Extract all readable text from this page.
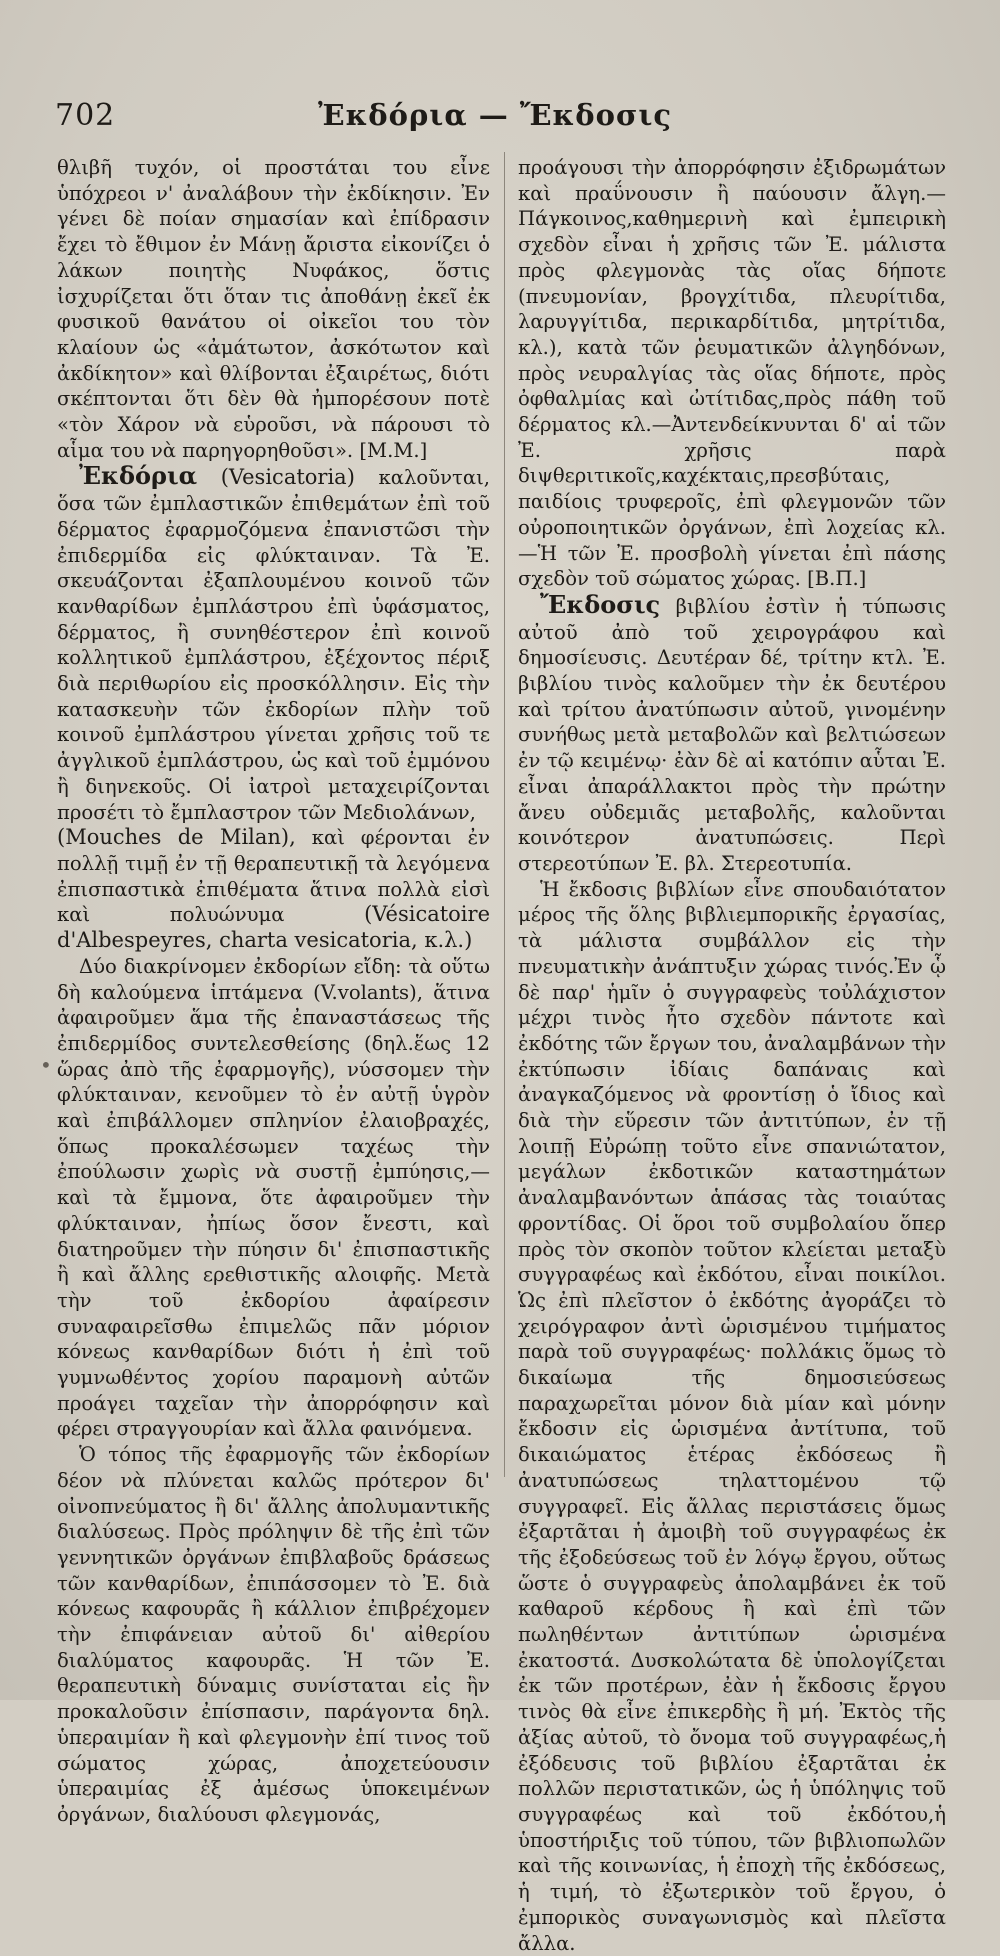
702	Ἐκδόρια — Ἔκδοσις
•

θλιβῆ τυχόν, οἱ προστάται του εἶνε ὑπόχρεοι ν' ἀναλάβουν τὴν ἐκδίκησιν. Ἐν γένει δὲ ποίαν σημασίαν καὶ ἐπίδρασιν ἔχει τὸ ἔθιμον ἐν Μάνῃ ἄριστα εἰκονίζει ὁ λάκων ποιητὴς Νυφάκος, ὅστις ἰσχυρίζεται ὅτι ὅταν τις ἀποθάνῃ ἐκεῖ ἐκ φυσικοῦ θανάτου οἱ οἰκεῖοι του τὸν κλαίουν ὡς «ἀμάτωτον, ἀσκότωτον καὶ ἀκδίκητον» καὶ θλίβονται ἐξαιρέτως, διότι σκέπτονται ὅτι δὲν θὰ ἠμπορέσουν ποτὲ «τὸν Χάρον νὰ εὑροῦσι, νὰ πάρουσι τὸ αἷμα του νὰ παρηγορηθοῦσι». [Μ.Μ.]

Ἐκδόρια (Vesicatoria) καλοῦνται, ὅσα τῶν ἐμπλαστικῶν ἐπιθεμάτων ἐπὶ τοῦ δέρματος ἐφαρμοζόμενα ἐπανιστῶσι τὴν ἐπιδερμίδα εἰς φλύκταιναν. Τὰ Ἐ. σκευάζονται ἐξαπλουμένου κοινοῦ τῶν κανθαρίδων ἐμπλάστρου ἐπὶ ὑφάσματος, δέρματος, ἢ συνηθέστερον ἐπὶ κοινοῦ κολλητικοῦ ἐμπλάστρου, ἐξέχοντος πέριξ διὰ περιθωρίου εἰς προσκόλλησιν. Εἰς τὴν κατασκευὴν τῶν ἐκδορίων πλὴν τοῦ κοινοῦ ἐμπλάστρου γίνεται χρῆσις τοῦ τε ἀγγλικοῦ ἐμπλάστρου, ὡς καὶ τοῦ ἐμμόνου ἢ διηνεκοῦς. Οἱ ἰατροὶ μεταχειρίζονται προσέτι τὸ ἔμπλαστρον τῶν Μεδιολάνων,
(Mouches de Milan), καὶ φέρονται ἐν πολλῇ τιμῇ ἐν τῇ θεραπευτικῇ τὰ λεγόμενα ἐπισπαστικὰ ἐπιθέματα ἅτινα πολλὰ εἰσὶ καὶ πολυώνυμα	(Vésicatoire d'Albespeyres, charta vesicatoria, κ.λ.)

Δύο διακρίνομεν ἐκδορίων εἴδη: τὰ οὕτω δὴ καλούμενα ἱπτάμενα (V.volants), ἅτινα ἀφαιροῦμεν ἅμα τῆς ἐπαναστάσεως τῆς ἐπιδερμίδος συντελεσθείσης (δηλ.ἕως 12 ὥρας ἀπὸ τῆς ἐφαρμογῆς), νύσσομεν τὴν φλύκταιναν, κενοῦμεν τὸ ἐν αὐτῇ ὑγρὸν καὶ ἐπιβάλλομεν σπληνίον ἐλαιοβραχές, ὅπως προκαλέσωμεν ταχέως τὴν ἐπούλωσιν χωρὶς νὰ συστῇ ἐμπύησις,— καὶ τὰ ἔμμονα, ὅτε ἀφαιροῦμεν τὴν φλύκταιναν, ἠπίως ὅσον ἔνεστι, καὶ διατηροῦμεν τὴν πύησιν δι' ἐπισπαστικῆς ἢ καὶ ἄλλης ερεθιστικῆς αλοιφῆς. Μετὰ τὴν τοῦ ἐκδορίου ἀφαίρεσιν συναφαιρεῖσθω ἐπιμελῶς πᾶν μόριον κόνεως κανθαρίδων διότι ἡ ἐπὶ τοῦ γυμνωθέντος χορίου παραμονὴ αὐτῶν προάγει ταχεῖαν τὴν ἀπορρόφησιν καὶ φέρει στραγγουρίαν καὶ ἄλλα φαινόμενα.

Ὁ τόπος τῆς ἐφαρμογῆς τῶν ἐκδορίων δέον νὰ πλύνεται καλῶς πρότερον δι' οἰνοπνεύματος ἢ δι' ἄλλης ἀπολυμαντικῆς διαλύσεως. Πρὸς πρόληψιν δὲ τῆς ἐπὶ τῶν γεννητικῶν ὀργάνων ἐπιβλαβοῦς δράσεως τῶν κανθαρίδων, ἐπιπάσσομεν τὸ Ἐ. διὰ κόνεως καφουρᾶς ἢ κάλλιον ἐπιβρέχομεν τὴν ἐπιφάνειαν αὐτοῦ δι' αἰθερίου διαλύματος καφουρᾶς. Ἡ τῶν Ἐ. θεραπευτικὴ δύναμις συνίσταται εἰς ἣν προκαλοῦσιν ἐπίσπασιν, παράγοντα δηλ. ὑπεραιμίαν ἢ καὶ φλεγμονὴν ἐπί τινος τοῦ σώματος χώρας, ἀποχετεύουσιν ὑπεραιμίας ἐξ ἀμέσως ὑποκειμένων ὀργάνων, διαλύουσι φλεγμονάς,

προάγουσι τὴν ἀπορρόφησιν ἐξιδρωμάτων καὶ πραΰνουσιν ἢ παύουσιν ἄλγη.—Πάγκοινος,καθημερινὴ καὶ ἐμπειρικὴ σχεδὸν εἶναι ἡ χρῆσις τῶν Ἐ. μάλιστα πρὸς φλεγμονὰς τὰς οἵας δήποτε (πνευμονίαν, βρογχίτιδα, πλευρίτιδα, λαρυγγίτιδα, περικαρδίτιδα, μητρίτιδα, κλ.), κατὰ τῶν ῥευματικῶν ἀλγηδόνων, πρὸς νευραλγίας τὰς οἵας δήποτε, πρὸς ὀφθαλμίας καὶ ὠτίτιδας,πρὸς πάθη τοῦ δέρματος κλ.—Ἀντενδείκνυνται δ' αἱ τῶν Ἐ. χρῆσις παρὰ διψθεριτικοῖς,καχέκταις,πρεσβύταις, παιδίοις τρυφεροῖς, ἐπὶ φλεγμονῶν τῶν οὐροποιητικῶν ὀργάνων, ἐπὶ λοχείας κλ.—Ἡ τῶν Ἐ. προσβολὴ γίνεται ἐπὶ πάσης σχεδὸν τοῦ σώματος χώρας. [Β.Π.]

Ἔκδοσις βιβλίου ἐστὶν ἡ τύπωσις αὐτοῦ ἀπὸ τοῦ χειρογράφου καὶ δημοσίευσις. Δευτέραν δέ, τρίτην κτλ. Ἐ. βιβλίου τινὸς καλοῦμεν τὴν ἐκ δευτέρου καὶ τρίτου ἀνατύπωσιν αὐτοῦ, γινομένην συνήθως μετὰ μεταβολῶν καὶ βελτιώσεων ἐν τῷ κειμένῳ· ἐὰν δὲ αἱ κατόπιν αὗται Ἐ. εἶναι ἀπαράλλακτοι πρὸς τὴν πρώτην ἄνευ οὐδεμιᾶς μεταβολῆς, καλοῦνται κοινότερον ἀνατυπώσεις. Περὶ στερεοτύπων Ἐ. βλ. Στερεοτυπία.

Ἡ ἔκδοσις βιβλίων εἶνε σπουδαιότατον μέρος τῆς ὅλης βιβλιεμπορικῆς ἐργασίας, τὰ μάλιστα συμβάλλον εἰς τὴν πνευματικὴν ἀνάπτυξιν χώρας τινός.Ἐν ᾧ δὲ παρ' ἡμῖν ὁ συγγραφεὺς τοὐλάχιστον μέχρι τινὸς ἦτο σχεδὸν πάντοτε καὶ ἐκδότης τῶν ἔργων του, ἀναλαμβάνων τὴν ἐκτύπωσιν ἰδίαις δαπάναις καὶ ἀναγκαζόμενος νὰ φροντίσῃ ὁ ἴδιος καὶ διὰ τὴν εὕρεσιν τῶν ἀντιτύπων, ἐν τῇ λοιπῇ Εὐρώπῃ τοῦτο εἶνε σπανιώτατον, μεγάλων ἐκδοτικῶν καταστημάτων ἀναλαμβανόντων ἁπάσας τὰς τοιαύτας φροντίδας. Οἱ ὅροι τοῦ συμβολαίου ὅπερ πρὸς τὸν σκοπὸν τοῦτον κλείεται μεταξὺ συγγραφέως καὶ ἐκδότου, εἶναι ποικίλοι. Ὡς ἐπὶ πλεῖστον ὁ ἐκδότης ἀγοράζει τὸ χειρόγραφον ἀντὶ ὡρισμένου τιμήματος παρὰ τοῦ συγγραφέως· πολλάκις ὅμως τὸ δικαίωμα τῆς δημοσιεύσεως παραχωρεῖται μόνον διὰ μίαν καὶ μόνην ἔκδοσιν εἰς ὡρισμένα ἀντίτυπα, τοῦ δικαιώματος ἑτέρας ἐκδόσεως ἢ ἀνατυπώσεως τηλαττομένου τῷ συγγραφεῖ. Εἰς ἄλλας περιστάσεις ὅμως ἐξαρτᾶται ἡ ἀμοιβὴ τοῦ συγγραφέως ἐκ τῆς ἐξοδεύσεως τοῦ ἐν λόγῳ ἔργου, οὕτως ὥστε ὁ συγγραφεὺς ἀπολαμβάνει ἐκ τοῦ καθαροῦ κέρδους ἢ καὶ ἐπὶ τῶν πωληθέντων ἀντιτύπων ὡρισμένα ἐκατοστά. Δυσκολώτατα δὲ ὑπολογίζεται ἐκ τῶν προτέρων, ἐὰν ἡ ἔκδοσις ἔργου τινὸς θὰ εἶνε ἐπικερδὴς ἢ μή. Ἐκτὸς τῆς ἀξίας αὐτοῦ, τὸ ὄνομα τοῦ συγγραφέως,ἡ ἐξόδευσις τοῦ βιβλίου ἐξαρτᾶται ἐκ πολλῶν περιστατικῶν, ὡς ἡ ὑπόληψις τοῦ συγγραφέως καὶ τοῦ ἐκδότου,ἡ ὑποστήριξις τοῦ τύπου, τῶν βιβλιοπωλῶν καὶ τῆς κοινωνίας, ἡ ἐποχὴ τῆς ἐκδόσεως, ἡ τιμή, τὸ ἐξωτερικὸν τοῦ ἔργου, ὁ ἐμπορικὸς συναγωνισμὸς καὶ πλεῖστα ἄλλα.
